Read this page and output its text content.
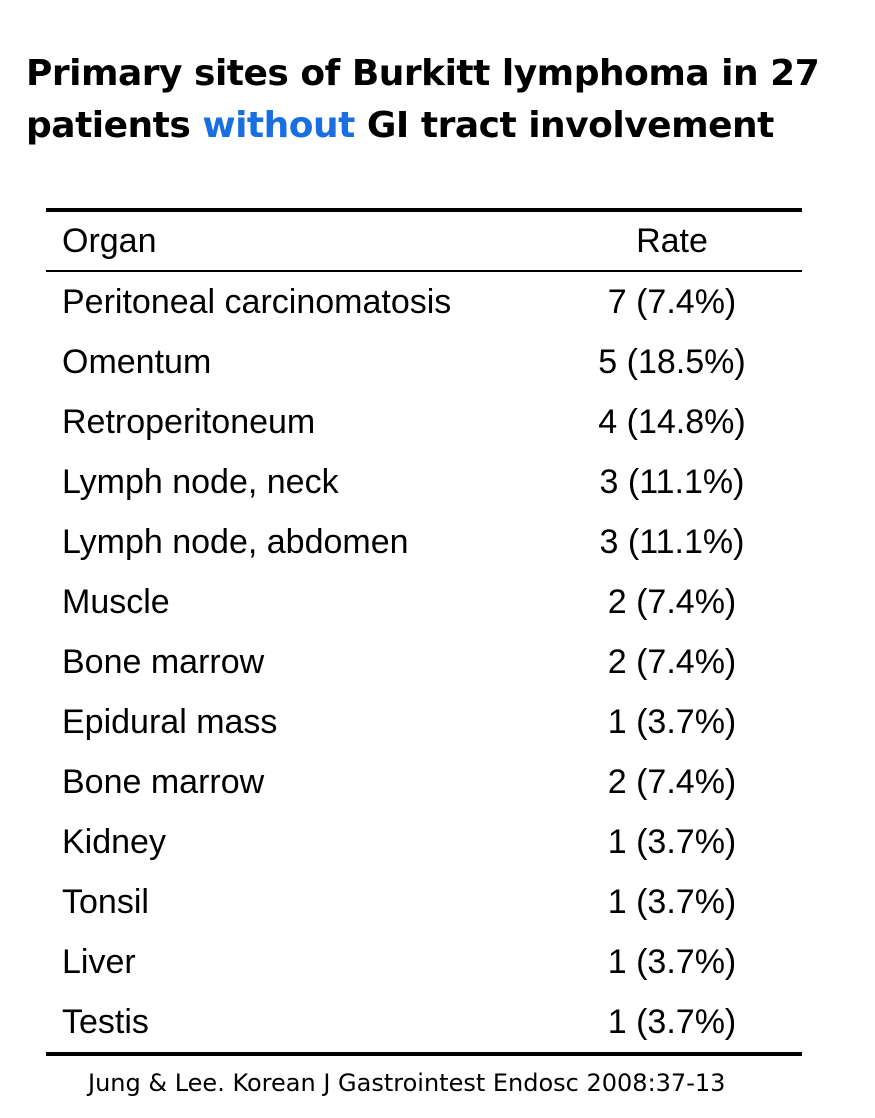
Primary sites of Burkitt lymphoma in 27 patients without GI tract involvement
Organ	Rate
Peritoneal carcinomatosis	7 (7.4%)
Omentum	5 (18.5%)
Retroperitoneum	4 (14.8%)
Lymph node, neck	3 (11.1%)
Lymph node, abdomen	3 (11.1%)
Muscle	2 (7.4%)
Bone marrow	2 (7.4%)
Epidural mass	1 (3.7%)
Bone marrow	2 (7.4%)
Kidney	1 (3.7%)
Tonsil	1 (3.7%)
Liver	1 (3.7%)
Testis	1 (3.7%)

Jung & Lee. Korean J Gastrointest Endosc 2008:37-13
